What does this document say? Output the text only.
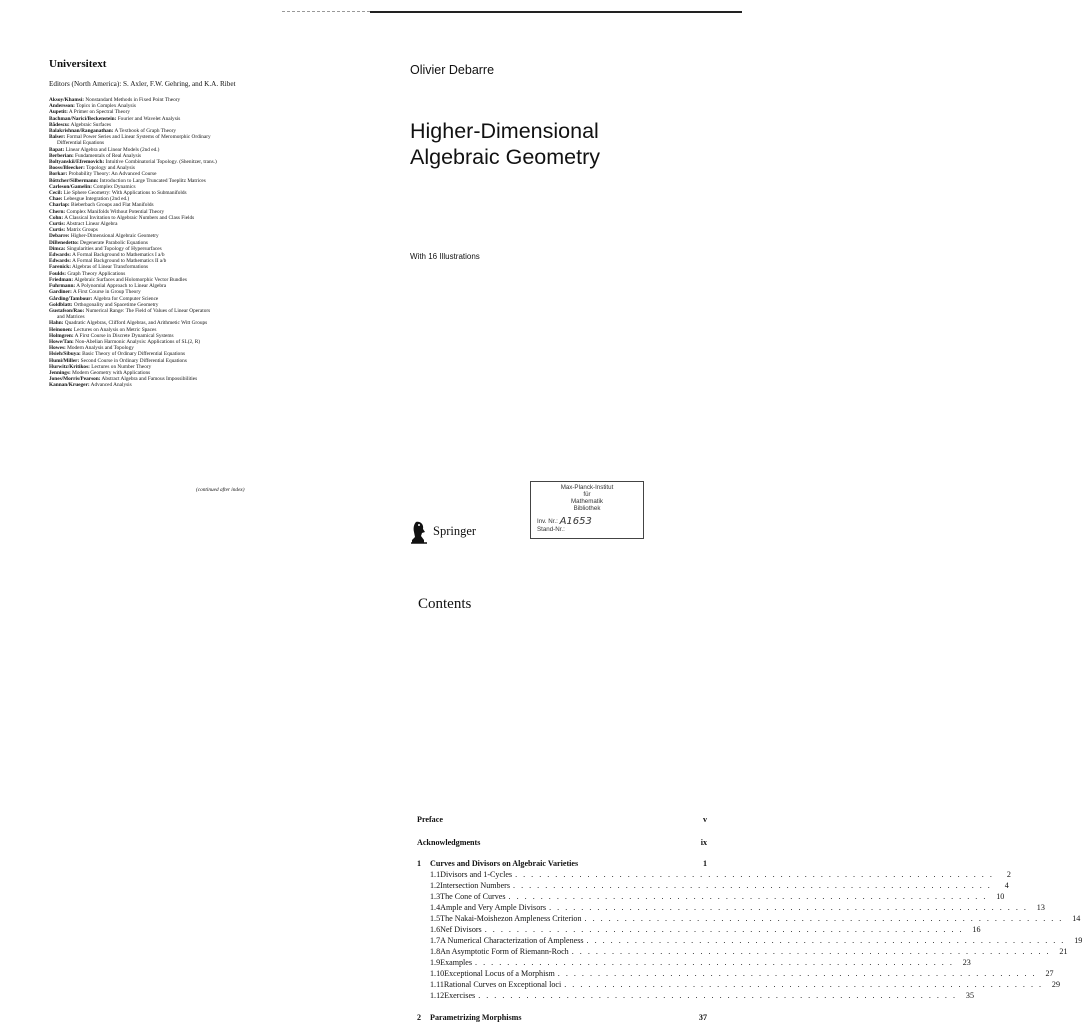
Universitext
Editors (North America): S. Axler, F.W. Gehring, and K.A. Ribet
Aksoy/Khamsi: Nonstandard Methods in Fixed Point Theory
Andersson: Topics in Complex Analysis
Aupetit: A Primer on Spectral Theory
Bachman/Narici/Beckenstein: Fourier and Wavelet Analysis
Bădescu: Algebraic Surfaces
Balakrishnan/Ranganathan: A Textbook of Graph Theory
Balser: Formal Power Series and Linear Systems of Meromorphic Ordinary
Differential Equations
Bapat: Linear Algebra and Linear Models (2nd ed.)
Berberian: Fundamentals of Real Analysis
Boltyanskii/Efremovich: Intuitive Combinatorial Topology. (Shenitzer, trans.)
Booss/Bleecker: Topology and Analysis
Borkar: Probability Theory: An Advanced Course
Böttcher/Silbermann: Introduction to Large Truncated Toeplitz Matrices
Carleson/Gamelin: Complex Dynamics
Cecil: Lie Sphere Geometry: With Applications to Submanifolds
Chae: Lebesgue Integration (2nd ed.)
Charlap: Bieberbach Groups and Flat Manifolds
Chern: Complex Manifolds Without Potential Theory
Cohn: A Classical Invitation to Algebraic Numbers and Class Fields
Curtis: Abstract Linear Algebra
Curtis: Matrix Groups
Debarre: Higher-Dimensional Algebraic Geometry
DiBenedetto: Degenerate Parabolic Equations
Dimca: Singularities and Topology of Hypersurfaces
Edwards: A Formal Background to Mathematics I a/b
Edwards: A Formal Background to Mathematics II a/b
Farenick: Algebras of Linear Transformations
Foulds: Graph Theory Applications
Friedman: Algebraic Surfaces and Holomorphic Vector Bundles
Fuhrmann: A Polynomial Approach to Linear Algebra
Gardiner: A First Course in Group Theory
Gårding/Tambour: Algebra for Computer Science
Goldblatt: Orthogonality and Spacetime Geometry
Gustafson/Rao: Numerical Range: The Field of Values of Linear Operators
and Matrices
Hahn: Quadratic Algebras, Clifford Algebras, and Arithmetic Witt Groups
Heinonen: Lectures on Analysis on Metric Spaces
Holmgren: A First Course in Discrete Dynamical Systems
Howe/Tan: Non-Abelian Harmonic Analysis: Applications of SL(2, R)
Howes: Modern Analysis and Topology
Hsieh/Sibuya: Basic Theory of Ordinary Differential Equations
Humi/Miller: Second Course in Ordinary Differential Equations
Hurwitz/Kritikos: Lectures on Number Theory
Jennings: Modern Geometry with Applications
Jones/Morris/Pearson: Abstract Algebra and Famous Impossibilities
Kannan/Krueger: Advanced Analysis
(continued after index)
Olivier Debarre
Higher-Dimensional
Algebraic Geometry
With 16 Illustrations
Max-Planck-Institut
für
Mathematik
Bibliothek
Inv. Nr.: A1653
Stand-Nr.:
Springer
Contents
Preface	v
Acknowledgments	ix
1	Curves and Divisors on Algebraic Varieties	1
1.1 Divisors and 1-Cycles . . . . . . . . . . . . . . . . . . . . . . . . . . . . . . . . . . . . . . . . . . . . . . . . . . . . . . . . . . . .	2
1.2 Intersection Numbers . . . . . . . . . . . . . . . . . . . . . . . . . . . . . . . . . . . . . . . . . . . . . . . . . . . . . . . . . . . .	4
1.3 The Cone of Curves . . . . . . . . . . . . . . . . . . . . . . . . . . . . . . . . . . . . . . . . . . . . . . . . . . . . . . . . . . . .	10
1.4 Ample and Very Ample Divisors . . . . . . . . . . . . . . . . . . . . . . . . . . . . . . . . . . . . . . . . . . . . . . . . . . . . . . . . . . . .	13
1.5 The Nakai-Moishezon Ampleness Criterion . . . . . . . . . . . . . . . . . . . . . . . . . . . . . . . . . . . . . . . . . . . . . . . . . . . . . . . . . . . .	14
1.6 Nef Divisors . . . . . . . . . . . . . . . . . . . . . . . . . . . . . . . . . . . . . . . . . . . . . . . . . . . . . . . . . . . .	16
1.7 A Numerical Characterization of Ampleness . . . . . . . . . . . . . . . . . . . . . . . . . . . . . . . . . . . . . . . . . . . . . . . . . . . . . . . . . . . .	19
1.8 An Asymptotic Form of Riemann-Roch . . . . . . . . . . . . . . . . . . . . . . . . . . . . . . . . . . . . . . . . . . . . . . . . . . . . . . . . . . . .	21
1.9 Examples . . . . . . . . . . . . . . . . . . . . . . . . . . . . . . . . . . . . . . . . . . . . . . . . . . . . . . . . . . . .	23
1.10 Exceptional Locus of a Morphism . . . . . . . . . . . . . . . . . . . . . . . . . . . . . . . . . . . . . . . . . . . . . . . . . . . . . . . . . . . .	27
1.11 Rational Curves on Exceptional loci . . . . . . . . . . . . . . . . . . . . . . . . . . . . . . . . . . . . . . . . . . . . . . . . . . . . . . . . . . . .	29
1.12 Exercises . . . . . . . . . . . . . . . . . . . . . . . . . . . . . . . . . . . . . . . . . . . . . . . . . . . . . . . . . . . .	35
2	Parametrizing Morphisms	37
